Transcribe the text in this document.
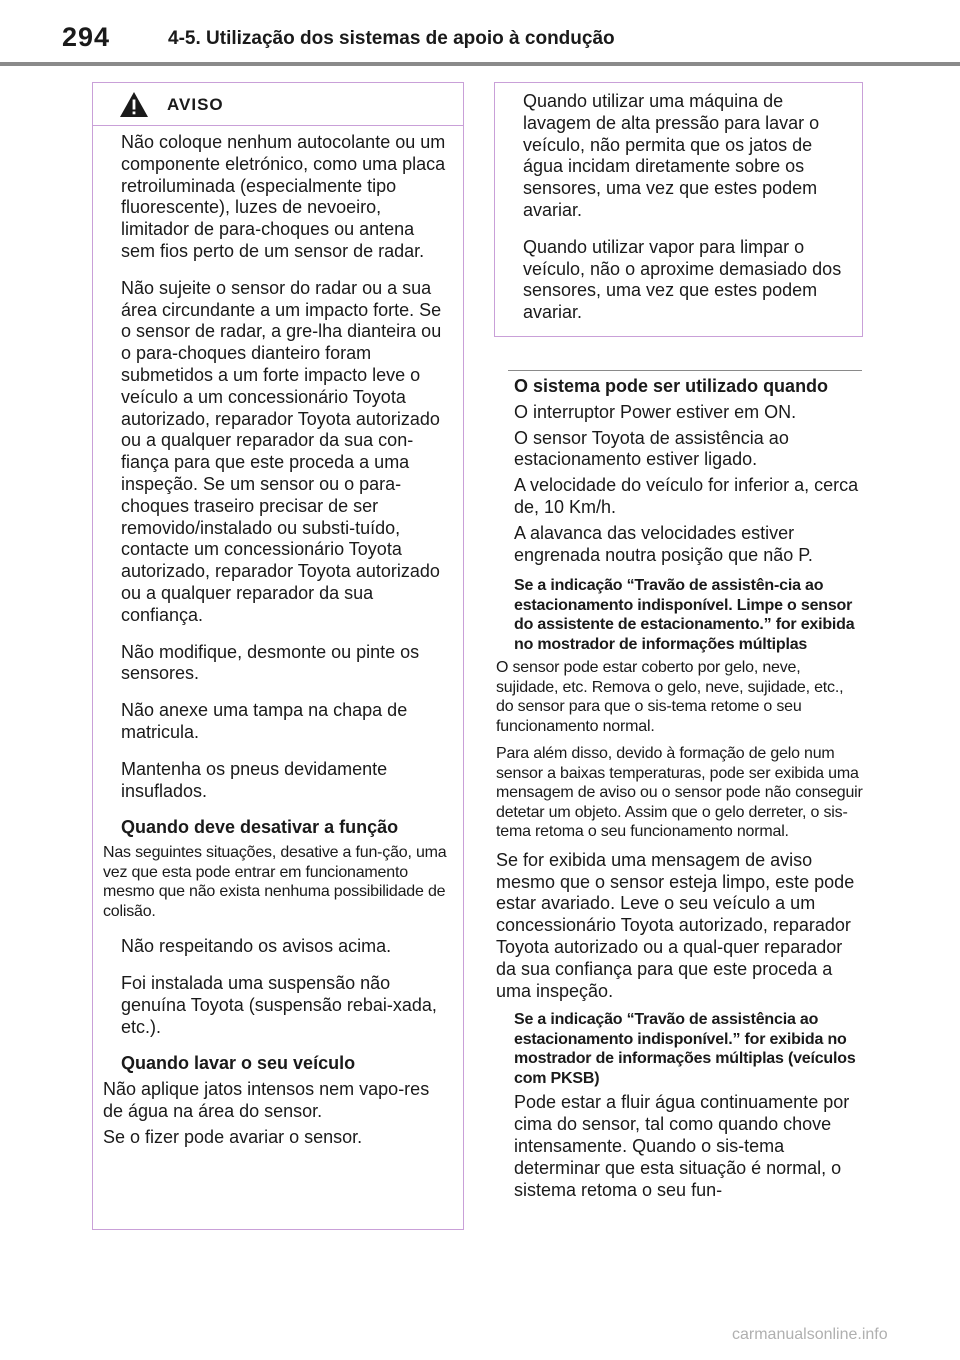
294	4-5. Utilização dos sistemas de apoio à condução
AVISO

Não coloque nenhum autocolante ou um componente eletrónico, como uma placa retroiluminada (especialmente tipo fluorescente), luzes de nevoeiro, limitador de para-choques ou antena sem fios perto de um sensor de radar.

Não sujeite o sensor do radar ou a sua área circundante a um impacto forte. Se o sensor de radar, a gre-lha dianteira ou o para-choques dianteiro foram submetidos a um forte impacto leve o veículo a um concessionário Toyota autorizado, reparador Toyota autorizado ou a qualquer reparador da sua con-fiança para que este proceda a uma inspeção. Se um sensor ou o para-choques traseiro precisar de ser removido/instalado ou substi-tuído, contacte um concessionário Toyota autorizado, reparador Toyota autorizado ou a qualquer reparador da sua confiança.

Não modifique, desmonte ou pinte os sensores.

Não anexe uma tampa na chapa de matricula.

Mantenha os pneus devidamente insuflados.

Quando deve desativar a função

Nas seguintes situações, desative a fun-ção, uma vez que esta pode entrar em funcionamento mesmo que não exista nenhuma possibilidade de colisão.

Não respeitando os avisos acima.

Foi instalada uma suspensão não genuína Toyota (suspensão rebai-xada, etc.).

Quando lavar o seu veículo

Não aplique jatos intensos nem vapo-res de água na área do sensor.

Se o fizer pode avariar o sensor.

Quando utilizar uma máquina de lavagem de alta pressão para lavar o veículo, não permita que os jatos de água incidam diretamente sobre os sensores, uma vez que estes podem avariar.

Quando utilizar vapor para limpar o veículo, não o aproxime demasiado dos sensores, uma vez que estes podem avariar.

O sistema pode ser utilizado quando

O interruptor Power estiver em ON.

O sensor Toyota de assistência ao estacionamento estiver ligado.

A velocidade do veículo for inferior a, cerca de, 10 Km/h.

A alavanca das velocidades estiver engrenada noutra posição que não P.

Se a indicação “Travão de assistên-cia ao estacionamento indisponível. Limpe o sensor do assistente de estacionamento.” for exibida no mostrador de informações múltiplas

O sensor pode estar coberto por gelo, neve, sujidade, etc. Remova o gelo, neve, sujidade, etc., do sensor para que o sis-tema retome o seu funcionamento normal.

Para além disso, devido à formação de gelo num sensor a baixas temperaturas, pode ser exibida uma mensagem de aviso ou o sensor pode não conseguir detetar um objeto. Assim que o gelo derreter, o sis-tema retoma o seu funcionamento normal.

Se for exibida uma mensagem de aviso mesmo que o sensor esteja limpo, este pode estar avariado. Leve o seu veículo a um concessionário Toyota autorizado, reparador Toyota autorizado ou a qual-quer reparador da sua confiança para que este proceda a uma inspeção.

Se a indicação “Travão de assistência ao estacionamento indisponível.” for exibida no mostrador de informações múltiplas (veículos com PKSB)

Pode estar a fluir água continuamente por cima do sensor, tal como quando chove intensamente. Quando o sis-tema determinar que esta situação é normal, o sistema retoma o seu fun-

carmanualsonline.info
